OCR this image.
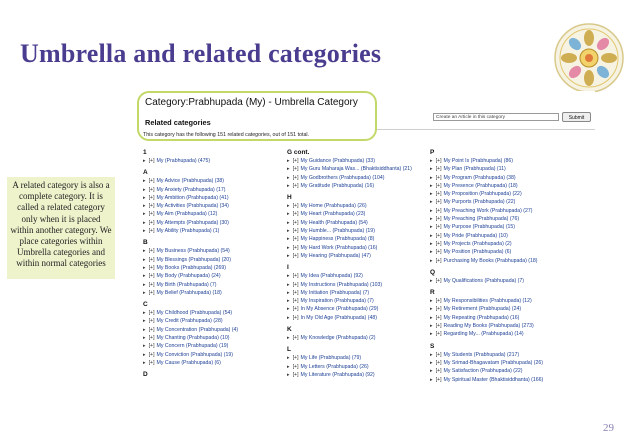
Umbrella and related categories
Category:Prabhupada (My) - Umbrella Category
Related categories
Create an Article in this category	Submit
This category has the following 151 related categories, out of 151 total.
1
▸ [+] My (Prabhupada) (475)
A
▸ [+] My Advice (Prabhupada) (38)
▸ [+] My Anxiety (Prabhupada) (17)
▸ [+] My Ambition (Prabhupada) (41)
▸ [+] My Activities (Prabhupada) (34)
▸ [+] My Aim (Prabhupada) (12)
▸ [+] My Attempts (Prabhupada) (30)
▸ [+] My Ability (Prabhupada) (1)
B
▸ [+] My Business (Prabhupada) (54)
▸ [+] My Blessings (Prabhupada) (20)
▸ [+] My Books (Prabhupada) (269)
▸ [+] My Body (Prabhupada) (24)
▸ [+] My Birth (Prabhupada) (7)
▸ [+] My Belief (Prabhupada) (18)
C
▸ [+] My Childhood (Prabhupada) (54)
▸ [+] My Credit (Prabhupada) (28)
▸ [+] My Concentration (Prabhupada) (4)
▸ [+] My Chanting (Prabhupada) (10)
▸ [+] My Concern (Prabhupada) (19)
▸ [+] My Conviction (Prabhupada) (19)
▸ [+] My Cause (Prabhupada) (6)
D
G cont.
▸ [+] My Guidance (Prabhupada) (33)
▸ [+] My Guru Maharaja Was... (Bhaktisiddhanta) (21)
▸ [+] My Godbrothers (Prabhupada) (104)
▸ [+] My Gratitude (Prabhupada) (16)
H
▸ [+] My Home (Prabhupada) (26)
▸ [+] My Heart (Prabhupada) (23)
▸ [+] My Health (Prabhupada) (54)
▸ [+] My Humble... (Prabhupada) (19)
▸ [+] My Happiness (Prabhupada) (8)
▸ [+] My Hard Work (Prabhupada) (16)
▸ [+] My Hearing (Prabhupada) (47)
I
▸ [+] My Idea (Prabhupada) (92)
▸ [+] My Instructions (Prabhupada) (103)
▸ [+] My Initiation (Prabhupada) (7)
▸ [+] My Inspiration (Prabhupada) (7)
▸ [+] In My Absence (Prabhupada) (29)
▸ [+] In My Old Age (Prabhupada) (48)
K
▸ [+] My Knowledge (Prabhupada) (2)
L
▸ [+] My Life (Prabhupada) (79)
▸ [+] My Letters (Prabhupada) (26)
▸ [+] My Literature (Prabhupada) (92)
P
▸ [+] My Point Is (Prabhupada) (86)
▸ [+] My Plan (Prabhupada) (11)
▸ [+] My Program (Prabhupada) (38)
▸ [+] My Presence (Prabhupada) (18)
▸ [+] My Proposition (Prabhupada) (22)
▸ [+] My Purports (Prabhupada) (22)
▸ [+] My Preaching Work (Prabhupada) (27)
▸ [+] My Preaching (Prabhupada) (76)
▸ [+] My Purpose (Prabhupada) (15)
▸ [+] My Pride (Prabhupada) (10)
▸ [+] My Projects (Prabhupada) (2)
▸ [+] My Position (Prabhupada) (6)
▸ [+] Purchasing My Books (Prabhupada) (18)
Q
▸ [+] My Qualifications (Prabhupada) (7)
R
▸ [+] My Responsibilities (Prabhupada) (12)
▸ [+] My Retirement (Prabhupada) (24)
▸ [+] My Repeating (Prabhupada) (16)
▸ [+] Reading My Books (Prabhupada) (273)
▸ [+] Regarding My... (Prabhupada) (14)
S
▸ [+] My Students (Prabhupada) (217)
▸ [+] My Srimad-Bhagavatam (Prabhupada) (26)
▸ [+] My Satisfaction (Prabhupada) (22)
▸ [+] My Spiritual Master (Bhaktisiddhanta) (166)
A related category is also a complete category. It is called a related category only when it is placed within another category. We place categories within Umbrella categories and within normal categories
29
